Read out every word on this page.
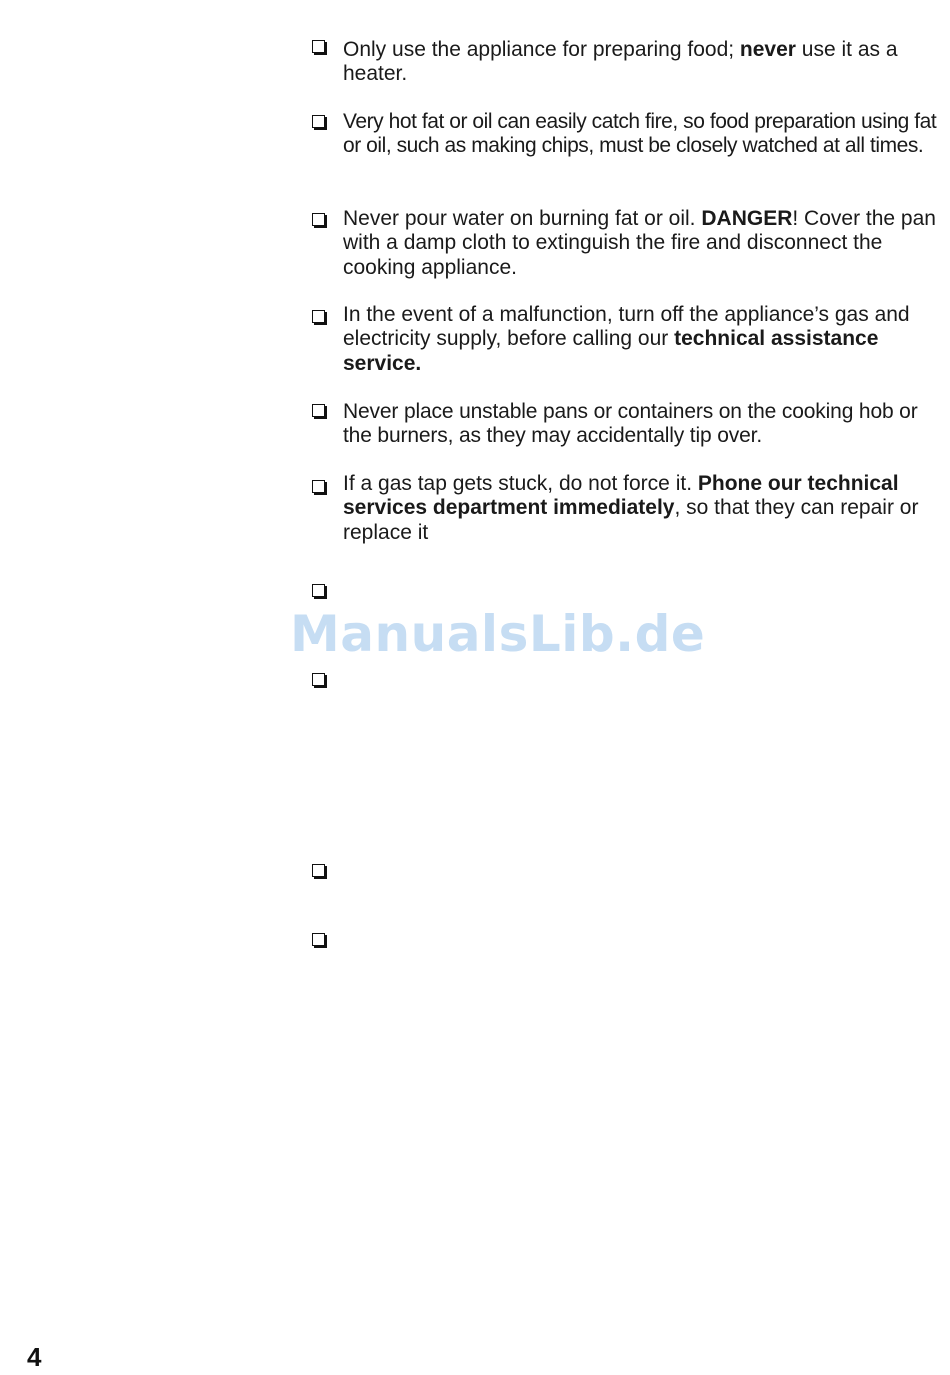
Only use the appliance for preparing food; never use it as a heater.

Very hot fat or oil can easily catch fire, so food preparation using fat or oil, such as making chips, must be closely watched at all times.

Never pour water on burning fat or oil. DANGER! Cover the pan with a damp cloth to extinguish the fire and disconnect the cooking appliance.

In the event of a malfunction, turn off the appliance’s gas and electricity supply, before calling our technical assistance service.

Never place unstable pans or containers on the cooking hob or the burners, as they may accidentally tip over.

If a gas tap gets stuck, do not force it. Phone our technical services department immediately, so that they can repair or replace it

ManualsLib.de
4
